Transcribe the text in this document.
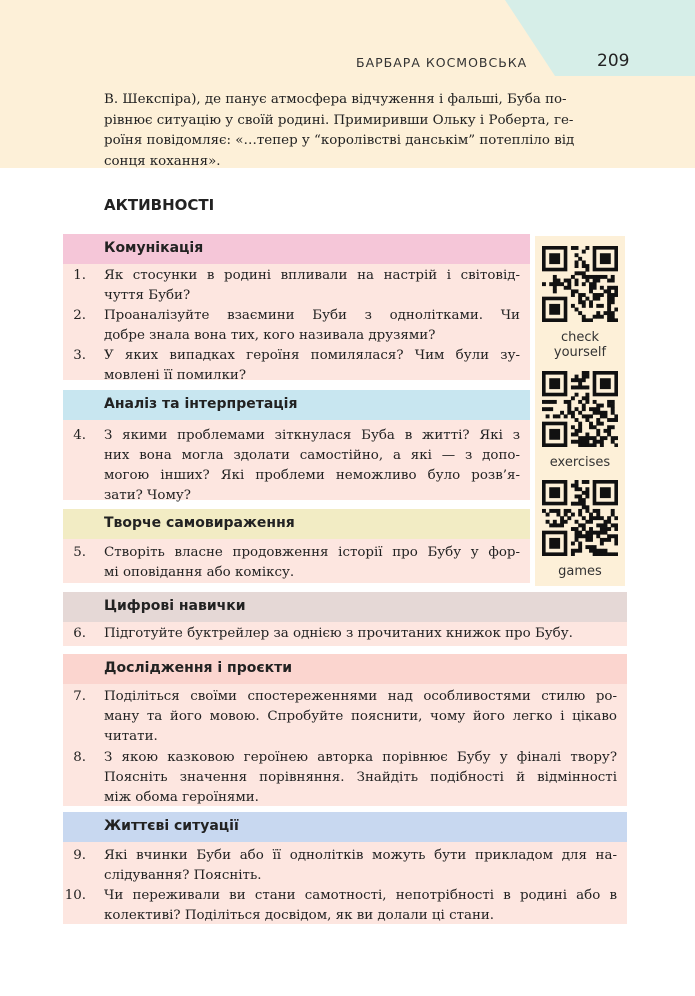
БАРБАРА КОСМОВСЬКА	209

В. Шекспіра), де панує атмосфера відчуження і фальші, Буба по-

рівнює ситуацію у своїй родині. Примиривши Ольку і Роберта, ге-

роїня повідомляє: «…тепер у “королівстві данськім” потепліло від

сонця кохання».

АКТИВНОСТІ
Комунікація
1.	Як стосунки в родині впливали на настрій і світовід-
чуття Буби?
2.	Проаналізуйте взаємини Буби з однолітками. Чи
добре знала вона тих, кого називала друзями?
3.	У яких випадках героїня помилялася? Чим були зу-
мовлені її помилки?
Аналіз та інтерпретація
4.	З якими проблемами зіткнулася Буба в житті? Які з
них вона могла здолати самостійно, а які — з допо-
могою інших? Які проблеми неможливо було розв’я-
зати? Чому?
Творче самовираження
5.	Створіть власне продовження історії про Бубу у фор-
мі оповідання або коміксу.
Цифрові навички
6.	Підготуйте буктрейлер за однією з прочитаних книжок про Бубу.
Дослідження і проєкти
7.	Поділіться своїми спостереженнями над особливостями стилю ро-
ману та його мовою. Спробуйте пояснити, чому його легко і цікаво
читати.
8.	З якою казковою героїнею авторка порівнює Бубу у фіналі твору?
Поясніть значення порівняння. Знайдіть подібності й відмінності
між обома героїнями.
Життєві ситуації
9.	Які вчинки Буби або її однолітків можуть бути прикладом для на-
слідування? Поясніть.
10.	Чи переживали ви стани самотності, непотрібності в родині або в
колективі? Поділіться досвідом, як ви долали ці стани.
check
yourself
exercises
games
